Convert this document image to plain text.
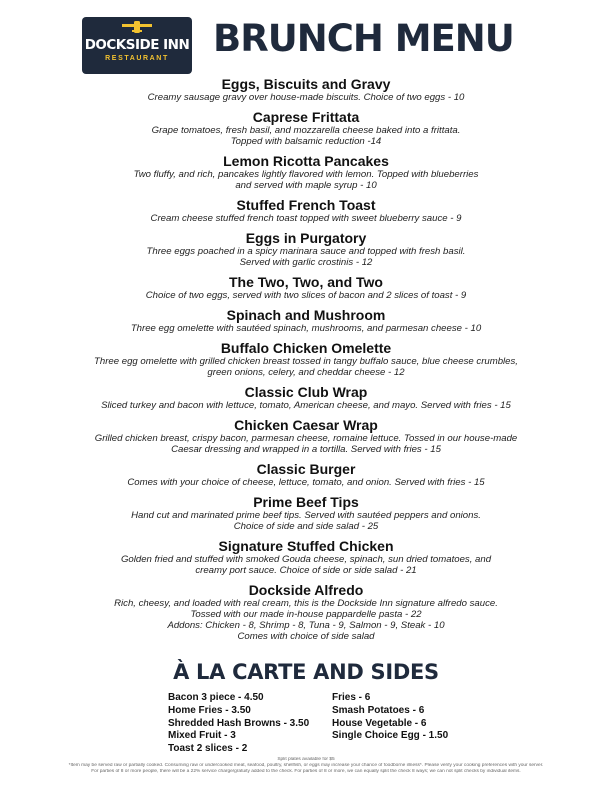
DOCKSIDE INN
RESTAURANT BRUNCH MENU
Eggs, Biscuits and Gravy
Creamy sausage gravy over house-made biscuits. Choice of two eggs - 10
Caprese Frittata
Grape tomatoes, fresh basil, and mozzarella cheese baked into a frittata.
Topped with balsamic reduction -14
Lemon Ricotta Pancakes
Two fluffy, and rich, pancakes lightly flavored with lemon. Topped with blueberries
and served with maple syrup - 10
Stuffed French Toast
Cream cheese stuffed french toast topped with sweet blueberry sauce - 9
Eggs in Purgatory
Three eggs poached in a spicy marinara sauce and topped with fresh basil.
Served with garlic crostinis - 12
The Two, Two, and Two
Choice of two eggs, served with two slices of bacon and 2 slices of toast - 9
Spinach and Mushroom
Three egg omelette with sautéed spinach, mushrooms, and parmesan cheese - 10
Buffalo Chicken Omelette
Three egg omelette with grilled chicken breast tossed in tangy buffalo sauce, blue cheese crumbles,
green onions, celery, and cheddar cheese - 12
Classic Club Wrap
Sliced turkey and bacon with lettuce, tomato, American cheese, and mayo. Served with fries - 15
Chicken Caesar Wrap
Grilled chicken breast, crispy bacon, parmesan cheese, romaine lettuce. Tossed in our house-made
Caesar dressing and wrapped in a tortilla. Served with fries - 15
Classic Burger
Comes with your choice of cheese, lettuce, tomato, and onion. Served with fries - 15
Prime Beef Tips
Hand cut and marinated prime beef tips. Served with sautéed peppers and onions.
Choice of side and side salad - 25
Signature Stuffed Chicken
Golden fried and stuffed with smoked Gouda cheese, spinach, sun dried tomatoes, and
creamy port sauce. Choice of side or side salad - 21
Dockside Alfredo
Rich, cheesy, and loaded with real cream, this is the Dockside Inn signature alfredo sauce.
Tossed with our made in-house pappardelle pasta - 22
Addons: Chicken - 8, Shrimp - 8, Tuna - 9, Salmon - 9, Steak - 10
Comes with choice of side salad
À LA CARTE AND SIDES
Bacon 3 piece - 4.50
Home Fries - 3.50
Shredded Hash Browns - 3.50
Mixed Fruit - 3
Toast 2 slices - 2
Fries - 6
Smash Potatoes - 6
House Vegetable - 6
Single Choice Egg - 1.50
Split plates available for $5
*Item may be served raw or partially cooked. Consuming raw or undercooked meat, seafood, poultry, shellfish, or eggs may increase your chance of foodborne illness*. Please verify your cooking preferences with your server.
For parties of 8 or more people, there will be a 22% service charge/gratuity added to the check. For parties of 8 or more, we can equally split the check 8 ways; we can not split checks by individual items.
